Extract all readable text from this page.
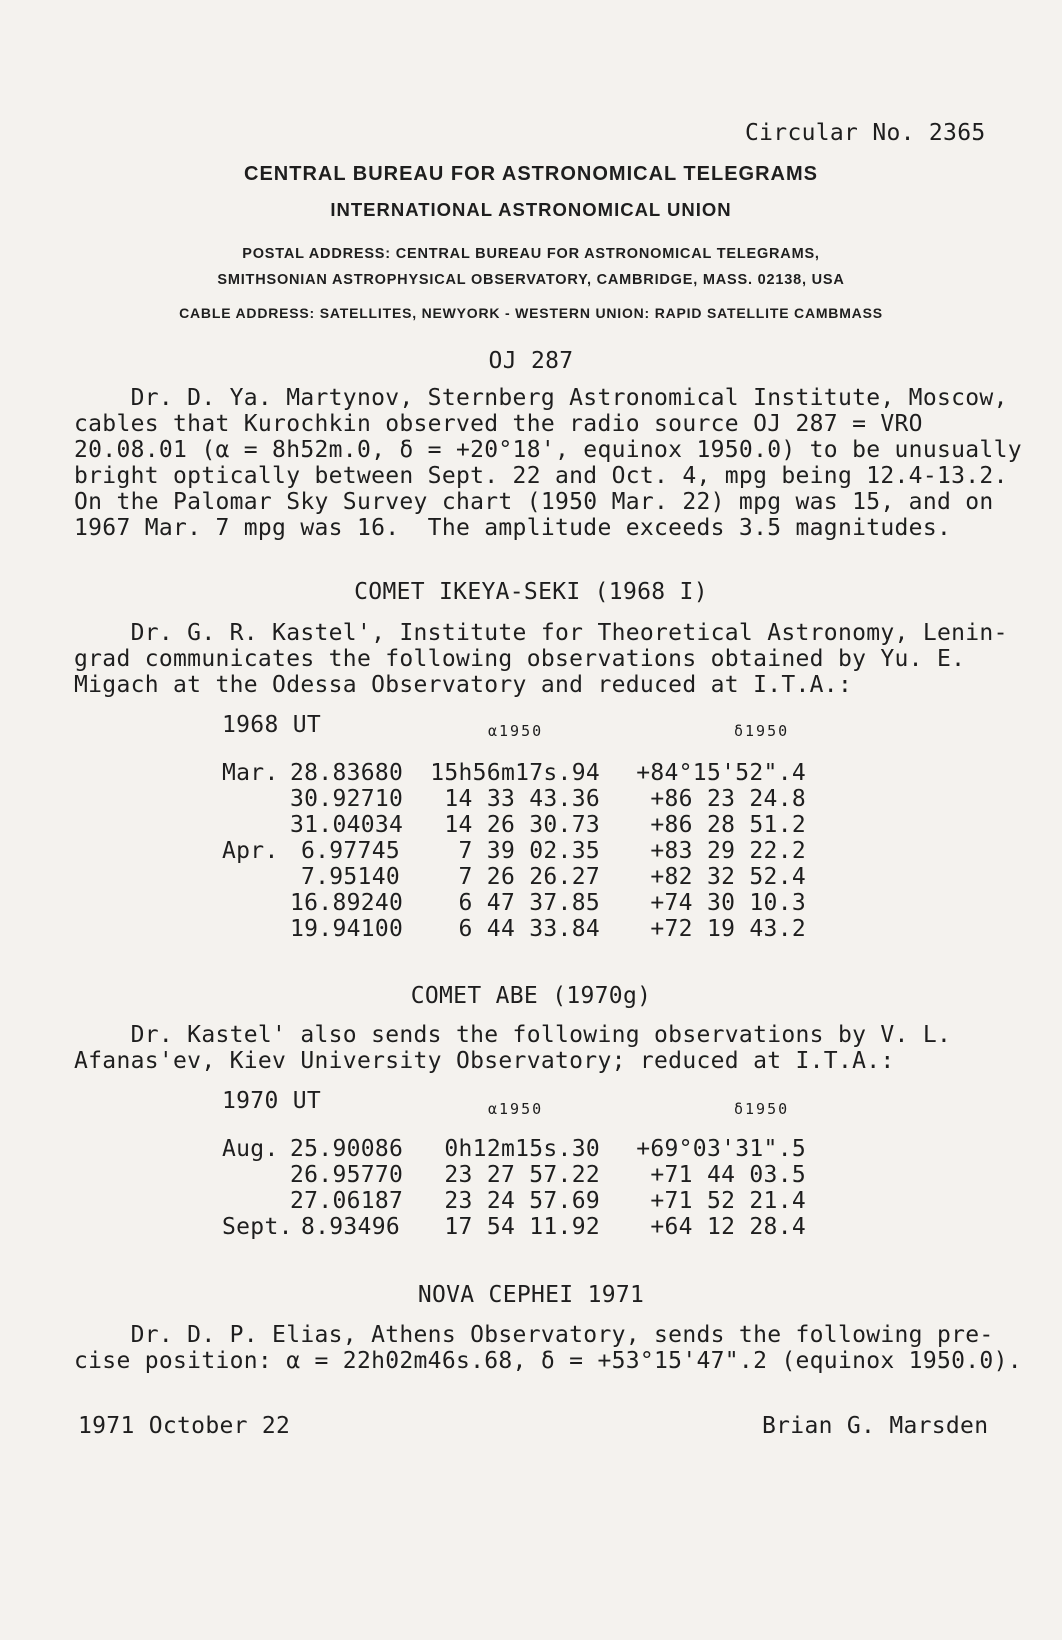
Circular No. 2365
CENTRAL BUREAU FOR ASTRONOMICAL TELEGRAMS
INTERNATIONAL ASTRONOMICAL UNION
POSTAL ADDRESS: CENTRAL BUREAU FOR ASTRONOMICAL TELEGRAMS,
SMITHSONIAN ASTROPHYSICAL OBSERVATORY, CAMBRIDGE, MASS. 02138, USA
CABLE ADDRESS: SATELLITES, NEWYORK - WESTERN UNION: RAPID SATELLITE CAMBMASS
OJ 287
Dr. D. Ya. Martynov, Sternberg Astronomical Institute, Moscow,
cables that Kurochkin observed the radio source OJ 287 = VRO
20.08.01 (α = 8h52m.0, δ = +20°18', equinox 1950.0) to be unusually
bright optically between Sept. 22 and Oct. 4, mpg being 12.4-13.2.
On the Palomar Sky Survey chart (1950 Mar. 22) mpg was 15, and on
1967 Mar. 7 mpg was 16.  The amplitude exceeds 3.5 magnitudes.
COMET IKEYA-SEKI (1968 I)
Dr. G. R. Kastel', Institute for Theoretical Astronomy, Lenin-
grad communicates the following observations obtained by Yu. E.
Migach at the Odessa Observatory and reduced at I.T.A.:
1968 UT	α1950	δ1950
Mar. 28.83680	15h56m17s.94	+84°15'52".4
30.92710	14 33 43.36	+86 23 24.8
31.04034	14 26 30.73	+86 28 51.2
Apr. 6.97745	7 39 02.35	+83 29 22.2
7.95140	7 26 26.27	+82 32 52.4
16.89240	6 47 37.85	+74 30 10.3
19.94100	6 44 33.84	+72 19 43.2
COMET ABE (1970g)
Dr. Kastel' also sends the following observations by V. L.
Afanas'ev, Kiev University Observatory; reduced at I.T.A.:
1970 UT	α1950	δ1950
Aug. 25.90086	0h12m15s.30	+69°03'31".5
26.95770	23 27 57.22	+71 44 03.5
27.06187	23 24 57.69	+71 52 21.4
Sept. 8.93496	17 54 11.92	+64 12 28.4
NOVA CEPHEI 1971
Dr. D. P. Elias, Athens Observatory, sends the following pre-
cise position: α = 22h02m46s.68, δ = +53°15'47".2 (equinox 1950.0).
1971 October 22	Brian G. Marsden
